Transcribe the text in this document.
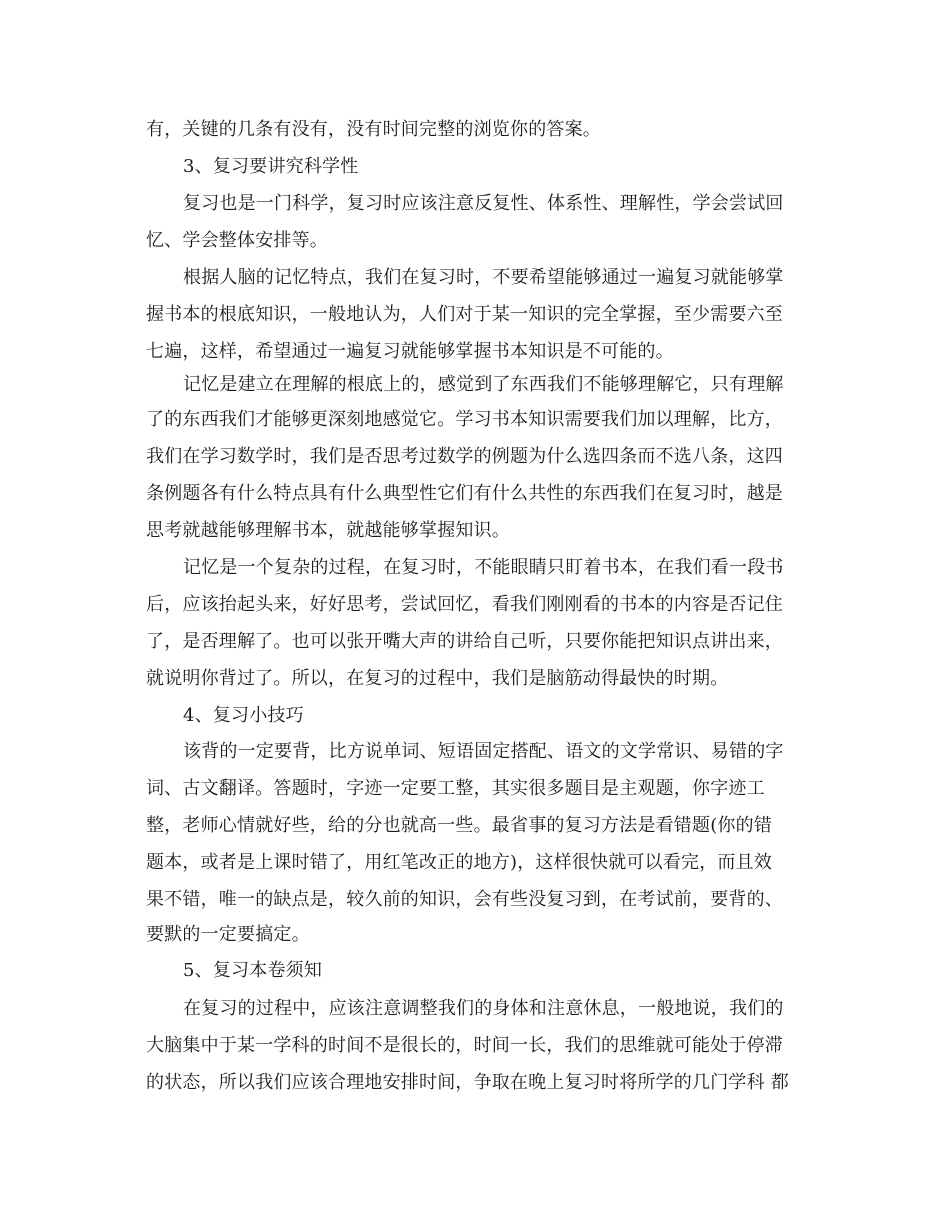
有，关键的几条有没有，没有时间完整的浏览你的答案。
3、复习要讲究科学性
复习也是一门科学，复习时应该注意反复性、体系性、理解性，学会尝试回
忆、学会整体安排等。
根据人脑的记忆特点，我们在复习时，不要希望能够通过一遍复习就能够掌
握书本的根底知识，一般地认为，人们对于某一知识的完全掌握，至少需要六至
七遍，这样，希望通过一遍复习就能够掌握书本知识是不可能的。
记忆是建立在理解的根底上的，感觉到了东西我们不能够理解它，只有理解
了的东西我们才能够更深刻地感觉它。学习书本知识需要我们加以理解，比方，
我们在学习数学时，我们是否思考过数学的例题为什么选四条而不选八条，这四
条例题各有什么特点具有什么典型性它们有什么共性的东西我们在复习时，越是
思考就越能够理解书本，就越能够掌握知识。
记忆是一个复杂的过程，在复习时，不能眼睛只盯着书本，在我们看一段书
后，应该抬起头来，好好思考，尝试回忆，看我们刚刚看的书本的内容是否记住
了，是否理解了。也可以张开嘴大声的讲给自己听，只要你能把知识点讲出来，
就说明你背过了。所以，在复习的过程中，我们是脑筋动得最快的时期。
4、复习小技巧
该背的一定要背，比方说单词、短语固定搭配、语文的文学常识、易错的字
词、古文翻译。答题时，字迹一定要工整，其实很多题目是主观题，你字迹工
整，老师心情就好些，给的分也就高一些。最省事的复习方法是看错题(你的错
题本，或者是上课时错了，用红笔改正的地方)，这样很快就可以看完，而且效
果不错，唯一的缺点是，较久前的知识，会有些没复习到，在考试前，要背的、
要默的一定要搞定。
5、复习本卷须知
在复习的过程中，应该注意调整我们的身体和注意休息，一般地说，我们的
大脑集中于某一学科的时间不是很长的，时间一长，我们的思维就可能处于停滞
的状态，所以我们应该合理地安排时间，争取在晚上复习时将所学的几门学科 都
